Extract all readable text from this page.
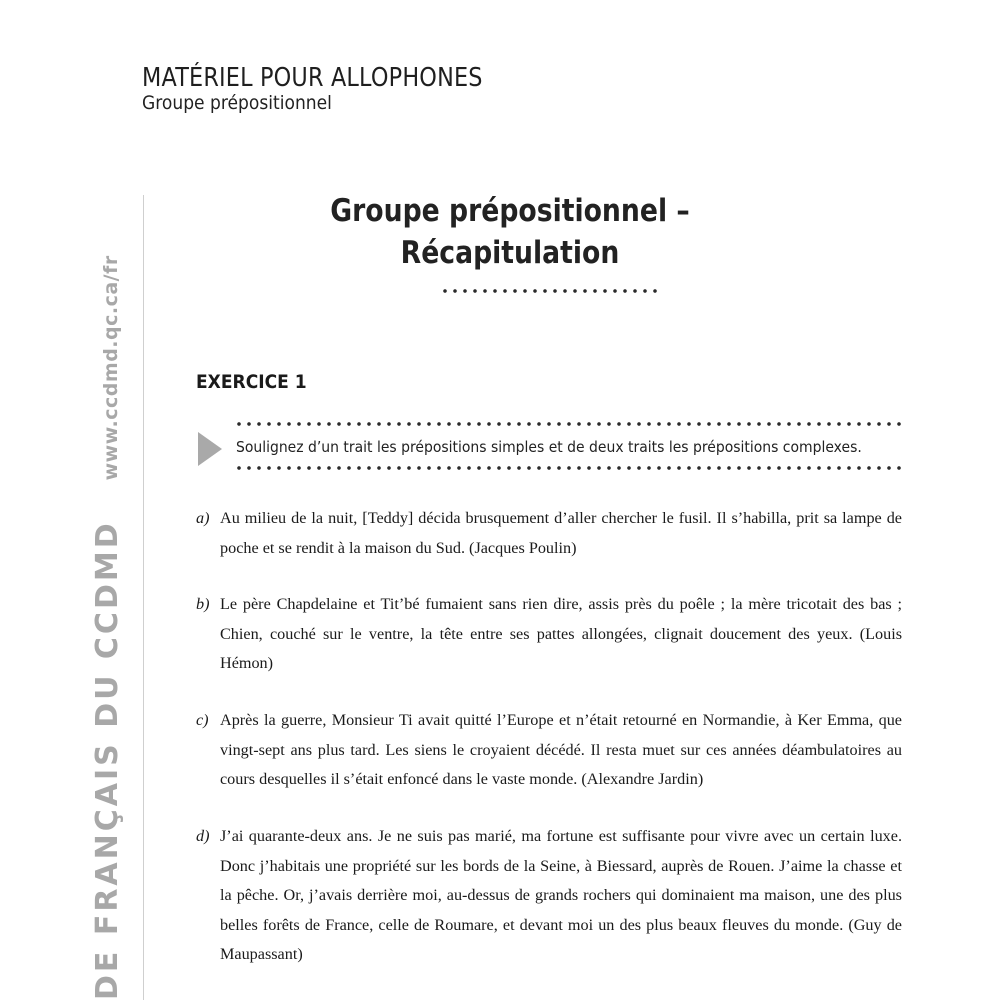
MATÉRIEL POUR ALLOPHONES
Groupe prépositionnel
DE FRANÇAIS DU CCDMD
www.ccdmd.qc.ca/fr
Groupe prépositionnel –
Récapitulation
EXERCICE 1
Soulignez d’un trait les prépositions simples et de deux traits les prépositions complexes.
a) Au milieu de la nuit, [Teddy] décida brusquement d’aller chercher le fusil. Il s’habilla, prit sa lampe de poche et se rendit à la maison du Sud. (Jacques Poulin)
b) Le père Chapdelaine et Tit’bé fumaient sans rien dire, assis près du poêle ; la mère tricotait des bas ; Chien, couché sur le ventre, la tête entre ses pattes allongées, clignait doucement des yeux. (Louis Hémon)
c) Après la guerre, Monsieur Ti avait quitté l’Europe et n’était retourné en Normandie, à Ker Emma, que vingt-sept ans plus tard. Les siens le croyaient décédé. Il resta muet sur ces années déambulatoires au cours desquelles il s’était enfoncé dans le vaste monde. (Alexandre Jardin)
d) J’ai quarante-deux ans. Je ne suis pas marié, ma fortune est suffisante pour vivre avec un certain luxe. Donc j’habitais une propriété sur les bords de la Seine, à Biessard, auprès de Rouen. J’aime la chasse et la pêche. Or, j’avais derrière moi, au-dessus de grands rochers qui dominaient ma maison, une des plus belles forêts de France, celle de Roumare, et devant moi un des plus beaux fleuves du monde. (Guy de Maupassant)
